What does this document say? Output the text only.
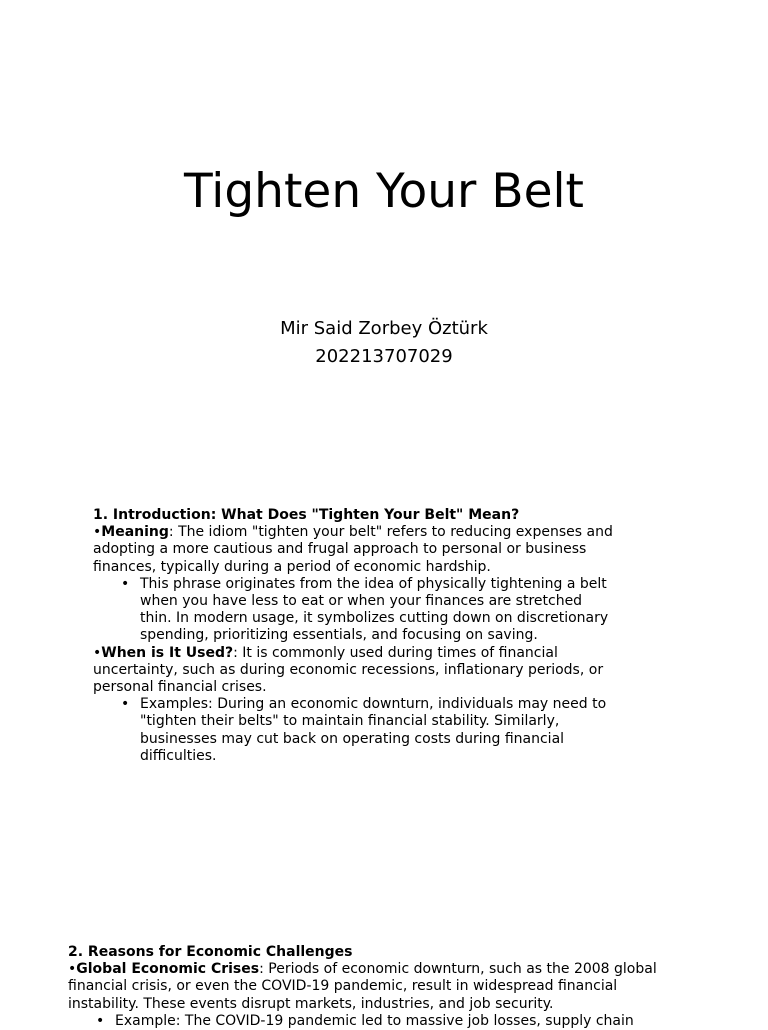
Tighten Your Belt
Mir Said Zorbey Öztürk
202213707029

1. Introduction: What Does "Tighten Your Belt" Mean?

•Meaning: The idiom "tighten your belt" refers to reducing expenses and adopting a more cautious and frugal approach to personal or business finances, typically during a period of economic hardship.

• This phrase originates from the idea of physically tightening a belt when you have less to eat or when your finances are stretched thin. In modern usage, it symbolizes cutting down on discretionary spending, prioritizing essentials, and focusing on saving.

•When is It Used?: It is commonly used during times of financial uncertainty, such as during economic recessions, inflationary periods, or personal financial crises.

• Examples: During an economic downturn, individuals may need to "tighten their belts" to maintain financial stability. Similarly, businesses may cut back on operating costs during financial difficulties.

2. Reasons for Economic Challenges

•Global Economic Crises: Periods of economic downturn, such as the 2008 global financial crisis, or even the COVID-19 pandemic, result in widespread financial instability. These events disrupt markets, industries, and job security.

• Example: The COVID-19 pandemic led to massive job losses, supply chain
